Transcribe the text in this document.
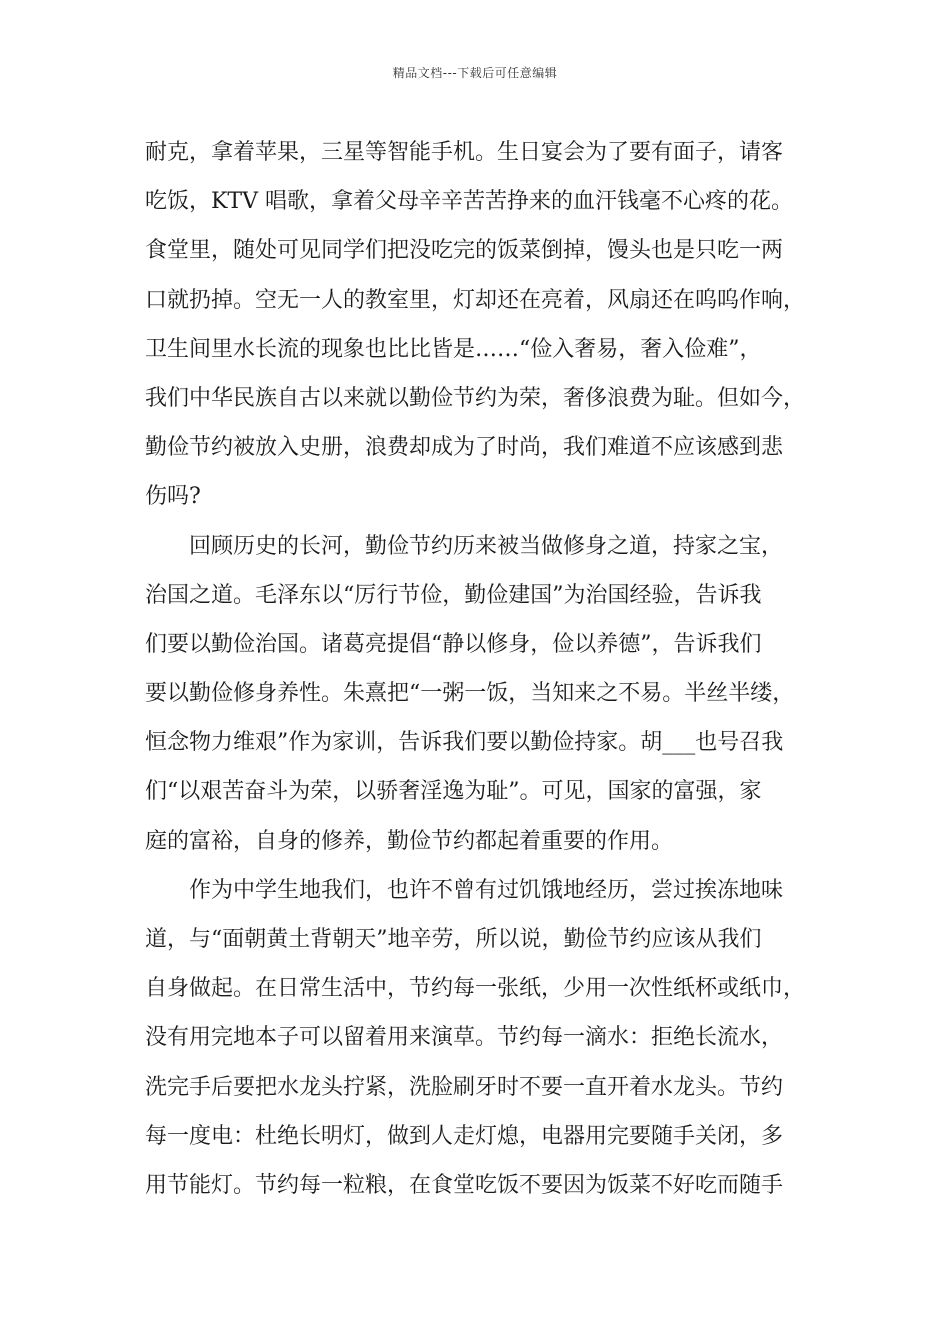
精品文档---下载后可任意编辑
耐克，拿着苹果，三星等智能手机。生日宴会为了要有面子，请客
吃饭，KTV 唱歌，拿着父母辛辛苦苦挣来的血汗钱毫不心疼的花。
食堂里，随处可见同学们把没吃完的饭菜倒掉，馒头也是只吃一两
口就扔掉。空无一人的教室里，灯却还在亮着，风扇还在呜呜作响，
卫生间里水长流的现象也比比皆是……“俭入奢易，奢入俭难”，
我们中华民族自古以来就以勤俭节约为荣，奢侈浪费为耻。但如今，
勤俭节约被放入史册，浪费却成为了时尚，我们难道不应该感到悲
伤吗?
回顾历史的长河，勤俭节约历来被当做修身之道，持家之宝，
治国之道。毛泽东以“厉行节俭，勤俭建国”为治国经验，告诉我
们要以勤俭治国。诸葛亮提倡“静以修身，俭以养德”，告诉我们
要以勤俭修身养性。朱熹把“一粥一饭，当知来之不易。半丝半缕，
恒念物力维艰”作为家训，告诉我们要以勤俭持家。胡___也号召我
们“以艰苦奋斗为荣，以骄奢淫逸为耻”。可见，国家的富强，家
庭的富裕，自身的修养，勤俭节约都起着重要的作用。
作为中学生地我们，也许不曾有过饥饿地经历，尝过挨冻地味
道，与“面朝黄土背朝天”地辛劳，所以说，勤俭节约应该从我们
自身做起。在日常生活中，节约每一张纸，少用一次性纸杯或纸巾，
没有用完地本子可以留着用来演草。节约每一滴水：拒绝长流水，
洗完手后要把水龙头拧紧，洗脸刷牙时不要一直开着水龙头。节约
每一度电：杜绝长明灯，做到人走灯熄，电器用完要随手关闭，多
用节能灯。节约每一粒粮，在食堂吃饭不要因为饭菜不好吃而随手
